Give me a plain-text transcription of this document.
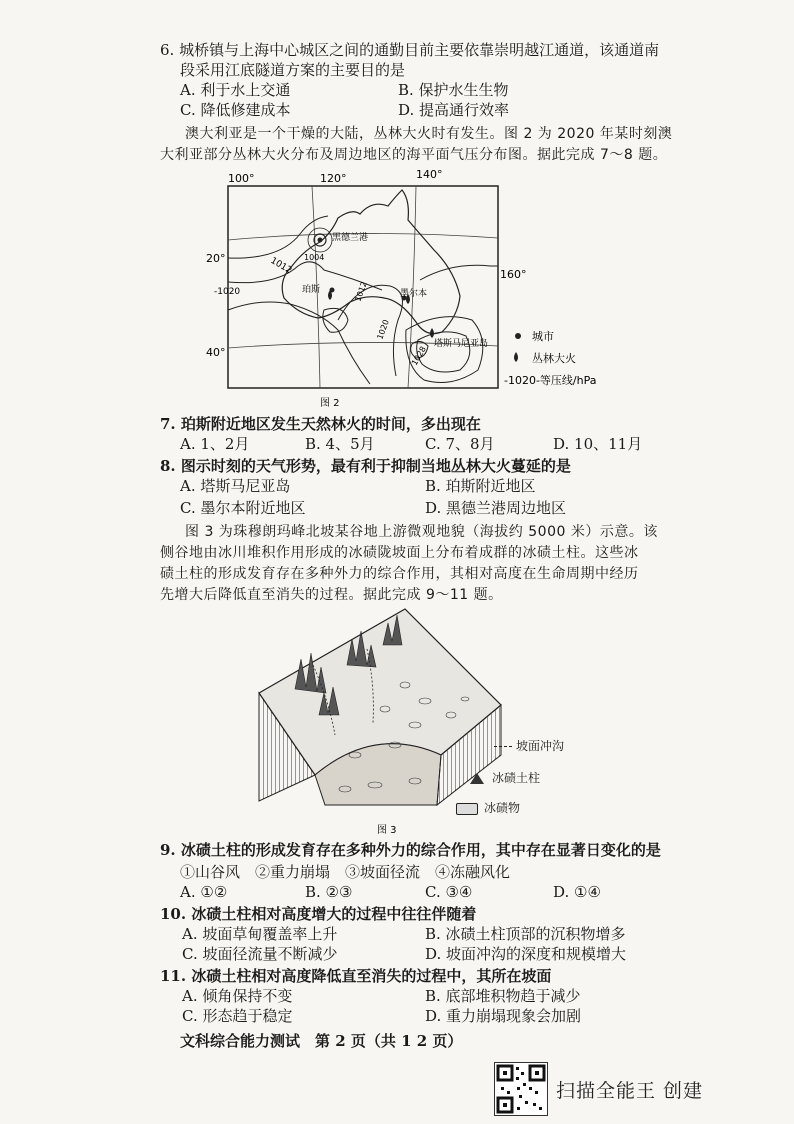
6. 城桥镇与上海中心城区之间的通勤目前主要依靠崇明越江通道，该通道南
段采用江底隧道方案的主要目的是
A. 利于水上交通	B. 保护水生生物
C. 降低修建成本	D. 提高通行效率
澳大利亚是一个干燥的大陆，丛林大火时有发生。图 2 为 2020 年某时刻澳
大利亚部分丛林大火分布及周边地区的海平面气压分布图。据此完成 7～8 题。
100°	120°	140°
160°
20°
40°
黑德兰港
1004
1012
-1020	珀斯	1012
1020
墨尔本
塔斯马尼亚岛
1028
图 2
城市
丛林大火
-1020-等压线/hPa
7. 珀斯附近地区发生天然林火的时间，多出现在
A. 1、2月	B. 4、5月	C. 7、8月	D. 10、11月
8. 图示时刻的天气形势，最有利于抑制当地丛林大火蔓延的是
A. 塔斯马尼亚岛	B. 珀斯附近地区
C. 墨尔本附近地区	D. 黑德兰港周边地区
图 3 为珠穆朗玛峰北坡某谷地上游微观地貌（海拔约 5000 米）示意。该
侧谷地由冰川堆积作用形成的冰碛陇坡面上分布着成群的冰碛土柱。这些冰
碛土柱的形成发育存在多种外力的综合作用，其相对高度在生命周期中经历
先增大后降低直至消失的过程。据此完成 9～11 题。
图 3
坡面冲沟
冰碛土柱
冰碛物
9. 冰碛土柱的形成发育存在多种外力的综合作用，其中存在显著日变化的是
①山谷风　②重力崩塌　③坡面径流　④冻融风化
A. ①②	B. ②③	C. ③④	D. ①④
10. 冰碛土柱相对高度增大的过程中往往伴随着
A. 坡面草甸覆盖率上升	B. 冰碛土柱顶部的沉积物增多
C. 坡面径流量不断减少	D. 坡面冲沟的深度和规模增大
11. 冰碛土柱相对高度降低直至消失的过程中，其所在坡面
A. 倾角保持不变	B. 底部堆积物趋于减少
C. 形态趋于稳定	D. 重力崩塌现象会加剧
文科综合能力测试　第 2 页（共 1 2 页）
扫描全能王 创建
